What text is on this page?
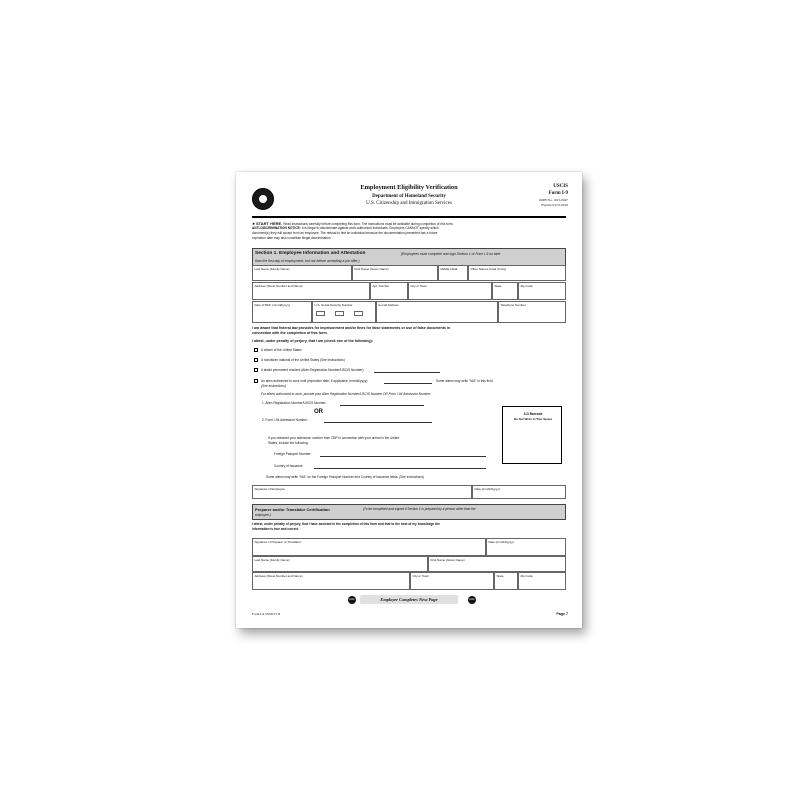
Employment Eligibility Verification
Department of Homeland Security
U.S. Citizenship and Immigration Services
USCIS
Form I-9
OMB No. 1615-0047
Expires 03/31/2016
►START HERE. Read instructions carefully before completing this form. The instructions must be available during completion of this form.
ANTI-DISCRIMINATION NOTICE: It is illegal to discriminate against work-authorized individuals. Employers CANNOT specify which
document(s) they will accept from an employee. The refusal to hire an individual because the documentation presented has a future
expiration date may also constitute illegal discrimination.
Section 1. Employee Information and Attestation	(Employees must complete and sign Section 1 of Form I-9 no later
than the first day of employment, but not before accepting a job offer.)
Last Name (Family Name)	First Name (Given Name)	Middle Initial	Other Names Used (if any)
Address (Street Number and Name)	Apt. Number	City or Town	State	Zip Code
Date of Birth (mm/dd/yyyy)	U.S. Social Security Number	E-mail Address	Telephone Number
I am aware that federal law provides for imprisonment and/or fines for false statements or use of false documents in
connection with the completion of this form.
I attest, under penalty of perjury, that I am (check one of the following):
A citizen of the United States
A noncitizen national of the United States (See instructions)
A lawful permanent resident (Alien Registration Number/USCIS Number):
An alien authorized to work until (expiration date, if applicable, mm/dd/yyyy)	Some aliens may write "N/A" in this field.
(See instructions)
For aliens authorized to work, provide your Alien Registration Number/USCIS Number OR Form I-94 Admission Number:
1. Alien Registration Number/USCIS Number:
OR
2. Form I-94 Admission Number:
3-D Barcode
Do Not Write in This Space
If you obtained your admission number from CBP in connection with your arrival in the United
States, include the following:
Foreign Passport Number:
Country of Issuance:
Some aliens may write "N/A" on the Foreign Passport Number and Country of Issuance fields. (See instructions)
Signature of Employee:	Date (mm/dd/yyyy):
Preparer and/or Translator Certification	(To be completed and signed if Section 1 is prepared by a person other than the
employee.)
I attest, under penalty of perjury, that I have assisted in the completion of this form and that to the best of my knowledge the
information is true and correct.
Signature of Preparer or Translator:	Date (mm/dd/yyyy):
Last Name (Family Name)	First Name (Given Name)
Address (Street Number and Name)	City or Town	State	Zip Code
STOP	Employer Completes Next Page	STOP
Form I-9 03/08/13 N	Page 7
